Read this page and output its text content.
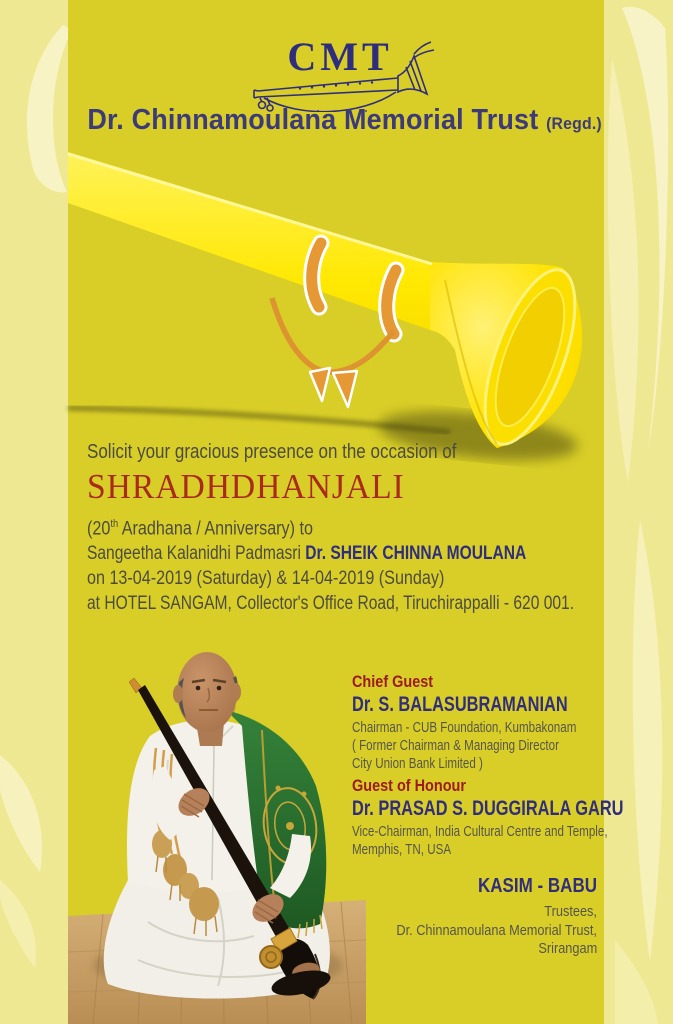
CMT
Dr. Chinnamoulana Memorial Trust (Regd.)
Solicit your gracious presence on the occasion of
SHRADHDHANJALI
(20th Aradhana / Anniversary) to
Sangeetha Kalanidhi Padmasri Dr. SHEIK CHINNA MOULANA
on 13-04-2019 (Saturday) & 14-04-2019 (Sunday)
at HOTEL SANGAM, Collector's Office Road, Tiruchirappalli - 620 001.
Chief Guest
Dr. S. BALASUBRAMANIAN
Chairman - CUB Foundation, Kumbakonam
( Former Chairman & Managing Director
City Union Bank Limited )
Guest of Honour
Dr. PRASAD S. DUGGIRALA GARU
Vice-Chairman, India Cultural Centre and Temple,
Memphis, TN, USA
KASIM - BABU
Trustees,
Dr. Chinnamoulana Memorial Trust,
Srirangam
